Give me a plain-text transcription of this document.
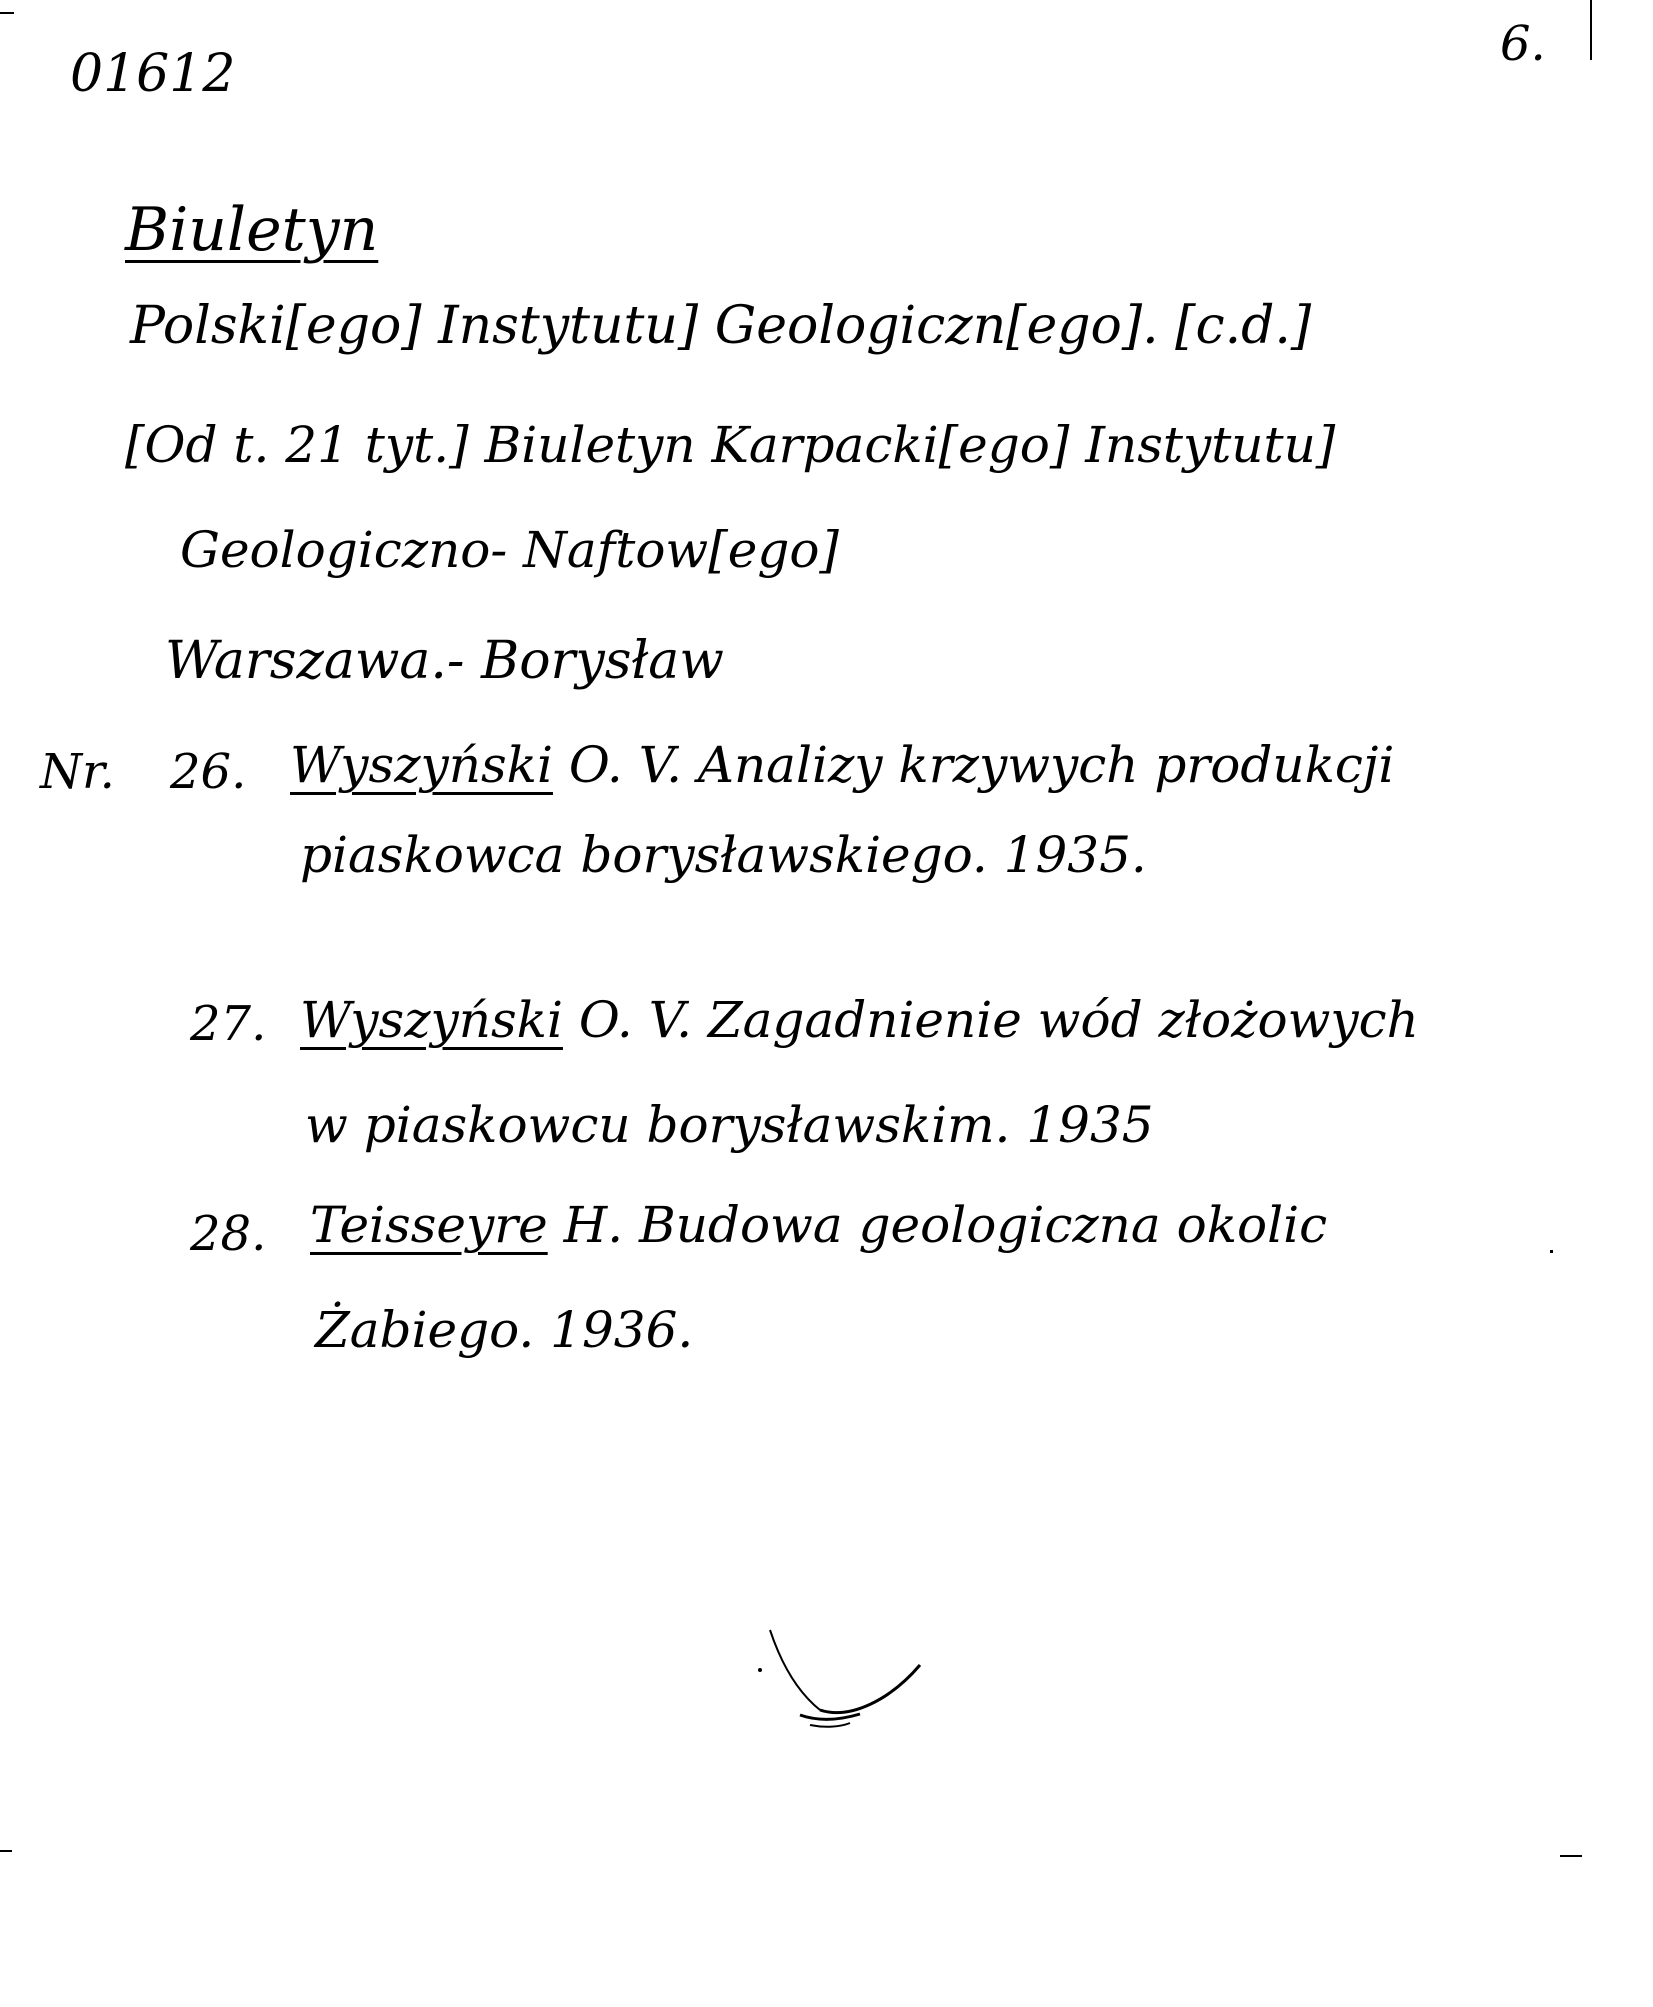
01612	6.
Biuletyn
Polski[ego] Instytutu] Geologiczn[ego]. [c.d.]
[Od t. 21 tyt.] Biuletyn Karpacki[ego] Instytutu]
Geologiczno- Naftow[ego]
Warszawa.- Borysław
Nr. 26. Wyszyński O. V. Analizy krzywych produkcji
piaskowca borysławskiego. 1935.
27. Wyszyński O. V. Zagadnienie wód złożowych
w piaskowcu borysławskim. 1935
28. Teisseyre H. Budowa geologiczna okolic
Żabiego. 1936.
